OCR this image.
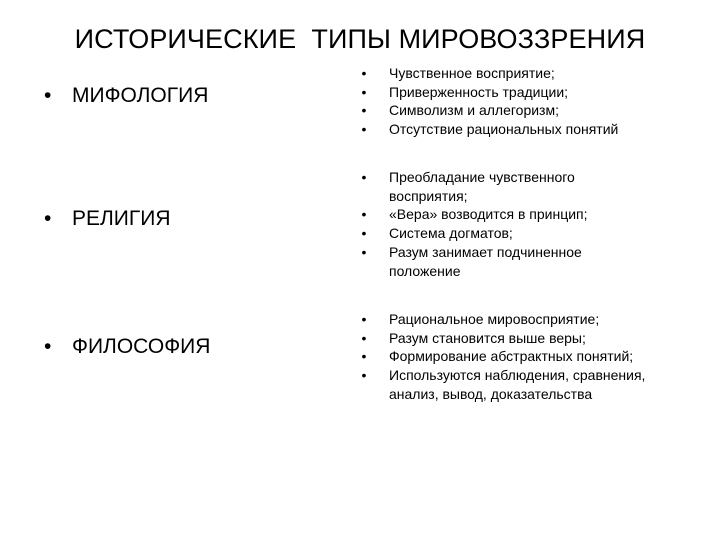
ИСТОРИЧЕСКИЕ  ТИПЫ МИРОВОЗЗРЕНИЯ
• МИФОЛОГИЯ
•	Чувственное восприятие;
•	Приверженность традиции;
•	Символизм и аллегоризм;
•	Отсутствие рациональных понятий
• РЕЛИГИЯ
•	Преобладание чувственного восприятия;
•	«Вера» возводится в принцип;
•	Система догматов;
•	Разум занимает подчиненное положение
• ФИЛОСОФИЯ
•	Рациональное мировосприятие;
•	Разум становится выше веры;
•	Формирование абстрактных понятий;
•	Используются наблюдения, сравнения, анализ, вывод, доказательства
